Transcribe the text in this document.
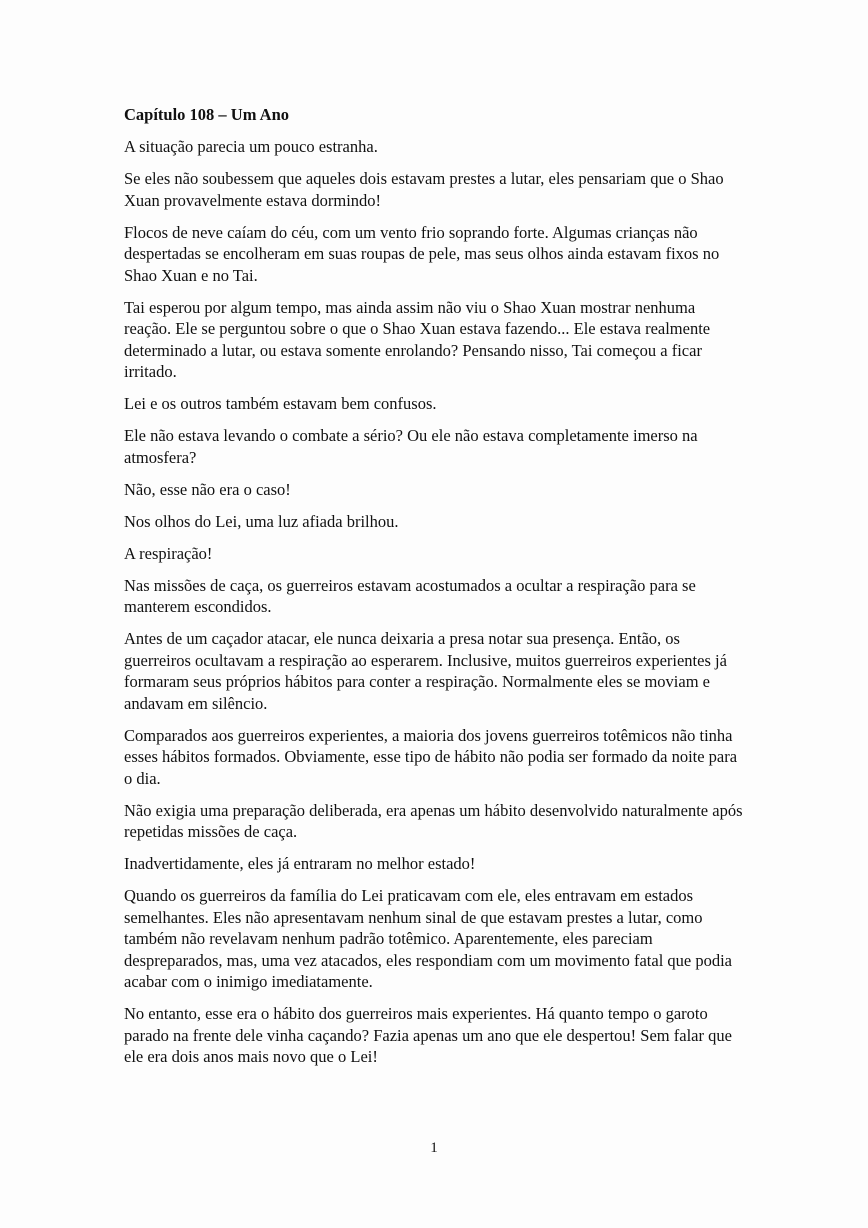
Capítulo 108 – Um Ano

A situação parecia um pouco estranha.

Se eles não soubessem que aqueles dois estavam prestes a lutar, eles pensariam que o Shao Xuan provavelmente estava dormindo!

Flocos de neve caíam do céu, com um vento frio soprando forte. Algumas crianças não despertadas se encolheram em suas roupas de pele, mas seus olhos ainda estavam fixos no Shao Xuan e no Tai.

Tai esperou por algum tempo, mas ainda assim não viu o Shao Xuan mostrar nenhuma reação. Ele se perguntou sobre o que o Shao Xuan estava fazendo... Ele estava realmente determinado a lutar, ou estava somente enrolando? Pensando nisso, Tai começou a ficar irritado.

Lei e os outros também estavam bem confusos.

Ele não estava levando o combate a sério? Ou ele não estava completamente imerso na atmosfera?

Não, esse não era o caso!

Nos olhos do Lei, uma luz afiada brilhou.

A respiração!

Nas missões de caça, os guerreiros estavam acostumados a ocultar a respiração para se manterem escondidos.

Antes de um caçador atacar, ele nunca deixaria a presa notar sua presença. Então, os guerreiros ocultavam a respiração ao esperarem. Inclusive, muitos guerreiros experientes já formaram seus próprios hábitos para conter a respiração. Normalmente eles se moviam e andavam em silêncio.

Comparados aos guerreiros experientes, a maioria dos jovens guerreiros totêmicos não tinha esses hábitos formados. Obviamente, esse tipo de hábito não podia ser formado da noite para o dia.

Não exigia uma preparação deliberada, era apenas um hábito desenvolvido naturalmente após repetidas missões de caça.

Inadvertidamente, eles já entraram no melhor estado!

Quando os guerreiros da família do Lei praticavam com ele, eles entravam em estados semelhantes. Eles não apresentavam nenhum sinal de que estavam prestes a lutar, como também não revelavam nenhum padrão totêmico. Aparentemente, eles pareciam despreparados, mas, uma vez atacados, eles respondiam com um movimento fatal que podia acabar com o inimigo imediatamente.

No entanto, esse era o hábito dos guerreiros mais experientes. Há quanto tempo o garoto parado na frente dele vinha caçando? Fazia apenas um ano que ele despertou! Sem falar que ele era dois anos mais novo que o Lei!

1
